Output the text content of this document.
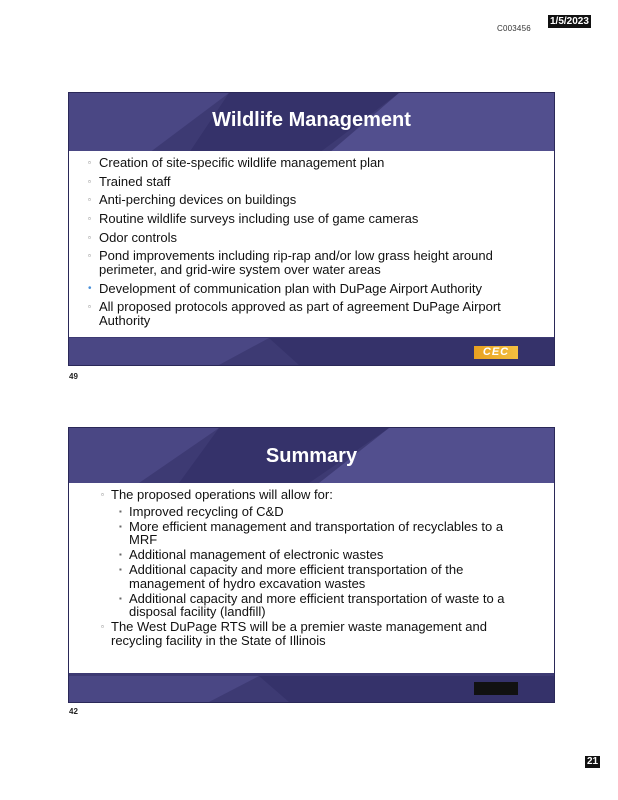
C003456
1/5/2023
Wildlife Management
▫ Creation of site-specific wildlife management plan
▫ Trained staff
▫ Anti-perching devices on buildings
▫ Routine wildlife surveys including use of game cameras
▫ Odor controls
▫ Pond improvements including rip-rap and/or low grass height around perimeter, and grid-wire system over water areas
• Development of communication plan with DuPage Airport Authority
▫ All proposed protocols approved as part of agreement DuPage Airport Authority
CEC
49
Summary
▫ The proposed operations will allow for:
▪ Improved recycling of C&D
▪ More efficient management and transportation of recyclables to a MRF
▪ Additional management of electronic wastes
▪ Additional capacity and more efficient transportation of the management of hydro excavation wastes
▪ Additional capacity and more efficient transportation of waste to a disposal facility (landfill)
▫ The West DuPage RTS will be a premier waste management and recycling facility in the State of Illinois
42
21
